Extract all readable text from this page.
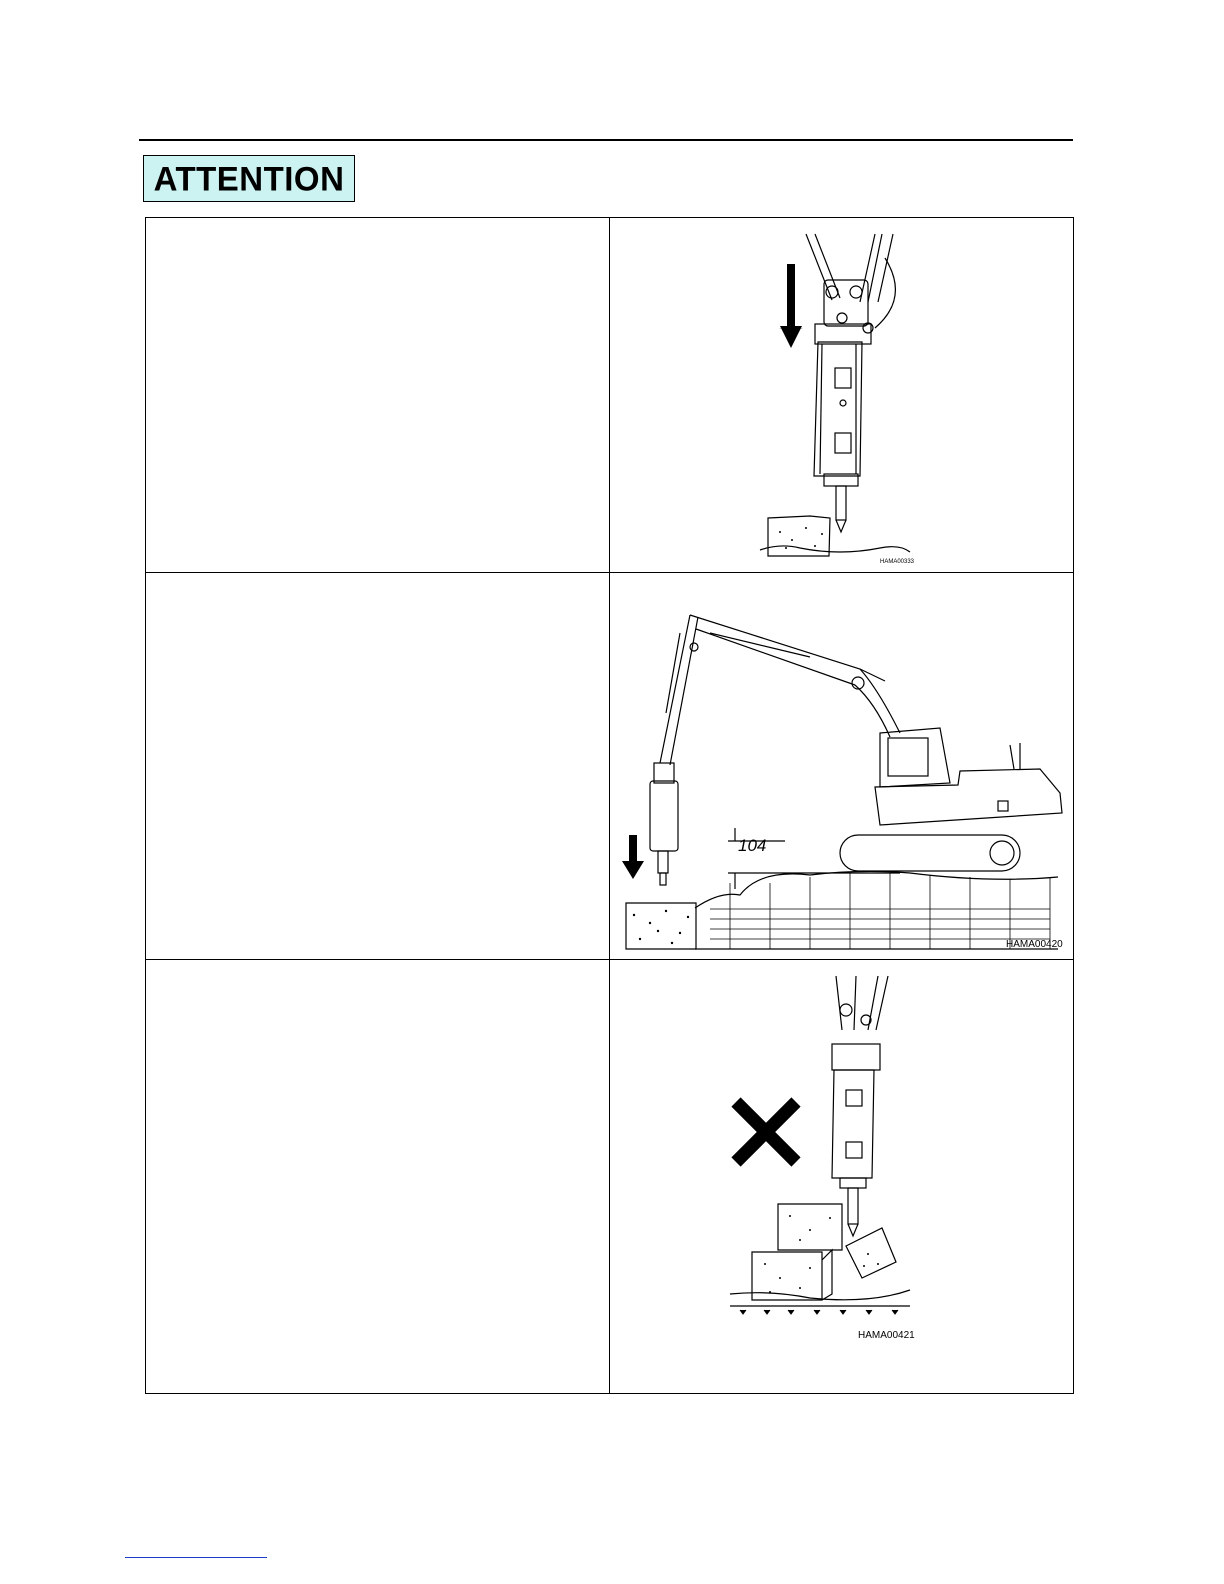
ATTENTION
HAMA00333
104
HAMA00420
HAMA00421
